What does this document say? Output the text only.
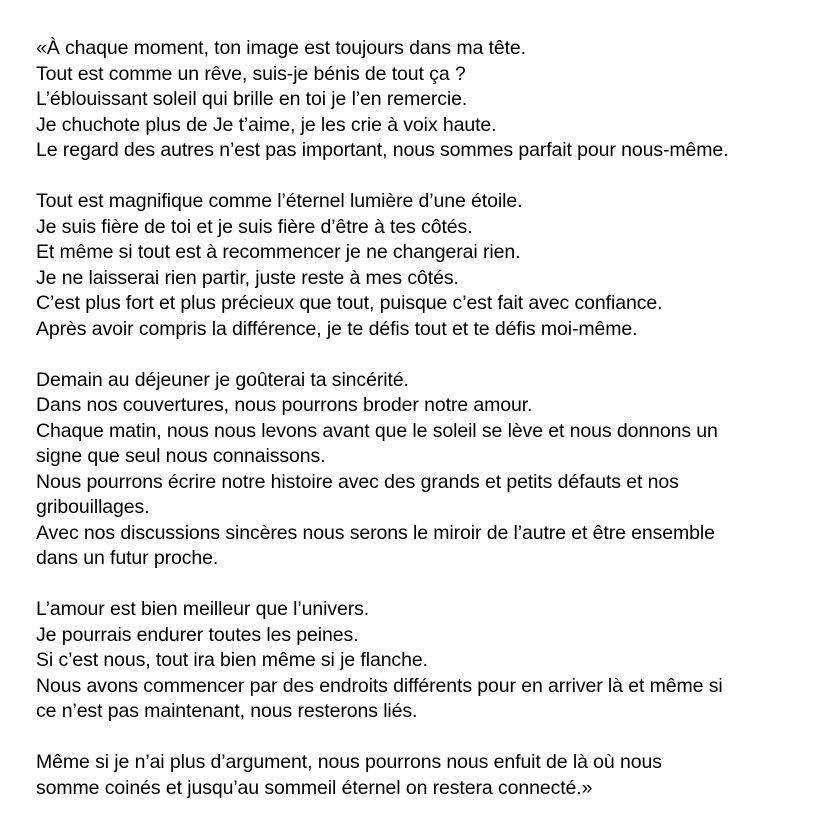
«À chaque moment, ton image est toujours dans ma tête.
Tout est comme un rêve, suis-je bénis de tout ça ?
L’éblouissant soleil qui brille en toi je l’en remercie.
Je chuchote plus de Je t’aime, je les crie à voix haute.
Le regard des autres n’est pas important, nous sommes parfait pour nous-même.
Tout est magnifique comme l’éternel lumière d’une étoile.
Je suis fière de toi et je suis fière d’être à tes côtés.
Et même si tout est à recommencer je ne changerai rien.
Je ne laisserai rien partir, juste reste à mes côtés.
C’est plus fort et plus précieux que tout, puisque c’est fait avec confiance.
Après avoir compris la différence, je te défis tout et te défis moi-même.
Demain au déjeuner je goûterai ta sincérité.
Dans nos couvertures, nous pourrons broder notre amour.
Chaque matin, nous nous levons avant que le soleil se lève et nous donnons un
signe que seul nous connaissons.
Nous pourrons écrire notre histoire avec des grands et petits défauts et nos
gribouillages.
Avec nos discussions sincères nous serons le miroir de l’autre et être ensemble
dans un futur proche.
L’amour est bien meilleur que l’univers.
Je pourrais endurer toutes les peines.
Si c’est nous, tout ira bien même si je flanche.
Nous avons commencer par des endroits différents pour en arriver là et même si
ce n’est pas maintenant, nous resterons liés.
Même si je n’ai plus d’argument, nous pourrons nous enfuit de là où nous
somme coinés et jusqu’au sommeil éternel on restera connecté.»
